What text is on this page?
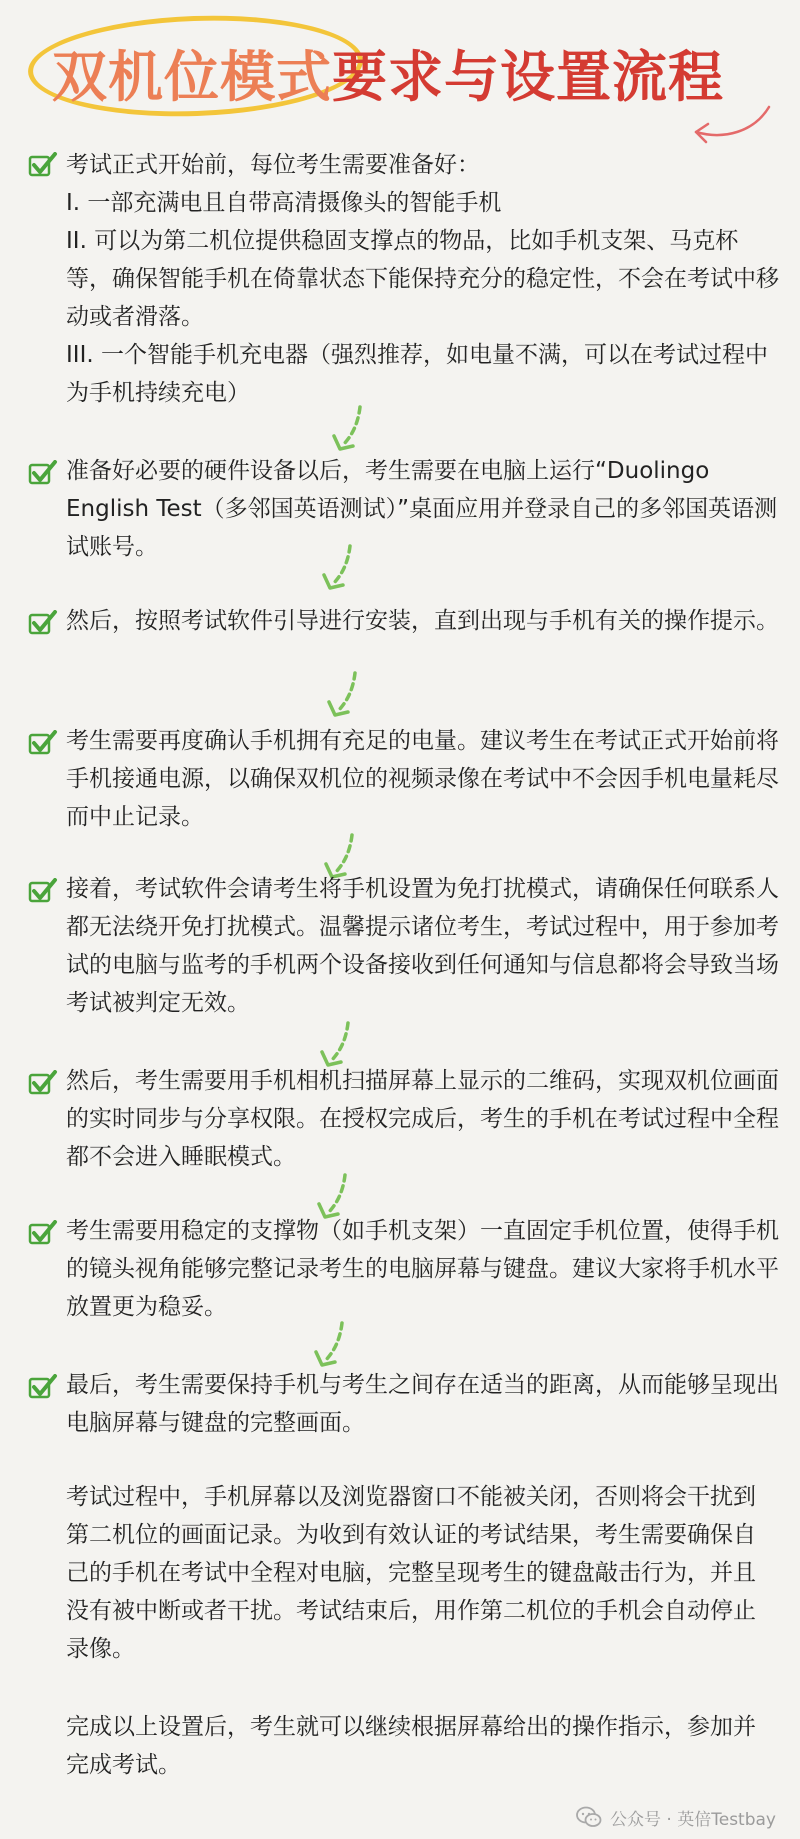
双机位模式要求与设置流程

考试正式开始前，每位考生需要准备好：
I. 一部充满电且自带高清摄像头的智能手机
II. 可以为第二机位提供稳固支撑点的物品，比如手机支架、马克杯等，确保智能手机在倚靠状态下能保持充分的稳定性，不会在考试中移动或者滑落。
III. 一个智能手机充电器（强烈推荐，如电量不满，可以在考试过程中为手机持续充电）

准备好必要的硬件设备以后，考生需要在电脑上运行“Duolingo English Test（多邻国英语测试）”桌面应用并登录自己的多邻国英语测试账号。

然后，按照考试软件引导进行安装，直到出现与手机有关的操作提示。

考生需要再度确认手机拥有充足的电量。建议考生在考试正式开始前将手机接通电源，以确保双机位的视频录像在考试中不会因手机电量耗尽而中止记录。

接着，考试软件会请考生将手机设置为免打扰模式，请确保任何联系人都无法绕开免打扰模式。温馨提示诸位考生，考试过程中，用于参加考试的电脑与监考的手机两个设备接收到任何通知与信息都将会导致当场考试被判定无效。

然后，考生需要用手机相机扫描屏幕上显示的二维码，实现双机位画面的实时同步与分享权限。在授权完成后，考生的手机在考试过程中全程都不会进入睡眠模式。

考生需要用稳定的支撑物（如手机支架）一直固定手机位置，使得手机的镜头视角能够完整记录考生的电脑屏幕与键盘。建议大家将手机水平放置更为稳妥。

最后，考生需要保持手机与考生之间存在适当的距离，从而能够呈现出电脑屏幕与键盘的完整画面。

考试过程中，手机屏幕以及浏览器窗口不能被关闭，否则将会干扰到第二机位的画面记录。为收到有效认证的考试结果，考生需要确保自己的手机在考试中全程对电脑，完整呈现考生的键盘敲击行为，并且没有被中断或者干扰。考试结束后，用作第二机位的手机会自动停止录像。

完成以上设置后，考生就可以继续根据屏幕给出的操作指示，参加并完成考试。

公众号 · 英倍Testbay
